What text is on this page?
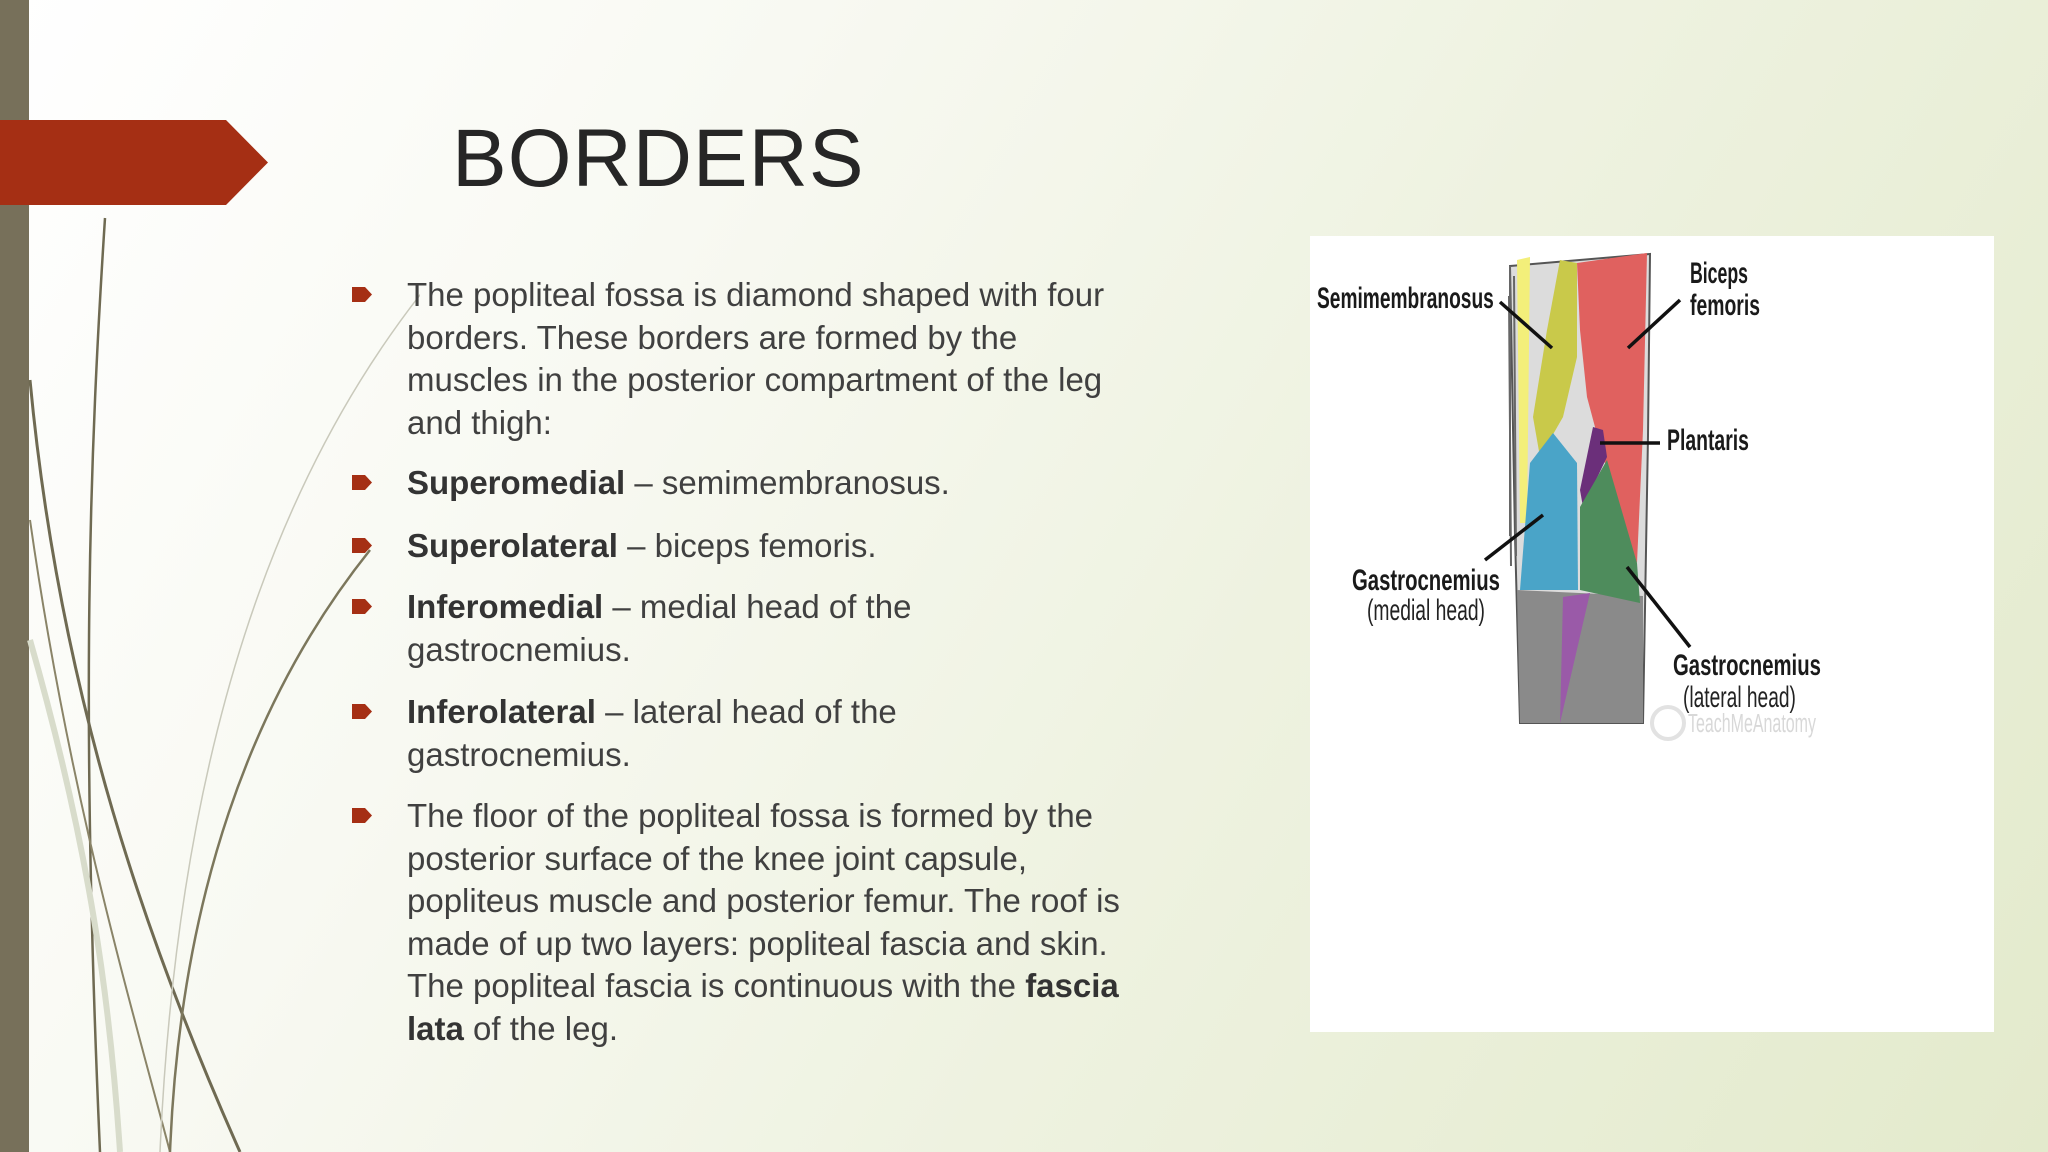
BORDERS
The popliteal fossa is diamond shaped with four
borders. These borders are formed by the
muscles in the posterior compartment of the leg
and thigh:
Superomedial – semimembranosus.
Superolateral – biceps femoris.
Inferomedial – medial head of the
gastrocnemius.
Inferolateral – lateral head of the
gastrocnemius.
The floor of the popliteal fossa is formed by the
posterior surface of the knee joint capsule,
popliteus muscle and posterior femur. The roof is
made of up two layers: popliteal fascia and skin.
The popliteal fascia is continuous with the fascia
lata of the leg.
Semimembranosus
Biceps
femoris
Plantaris
Gastrocnemius
(medial head)
Gastrocnemius
(lateral head)
TeachMeAnatomy
